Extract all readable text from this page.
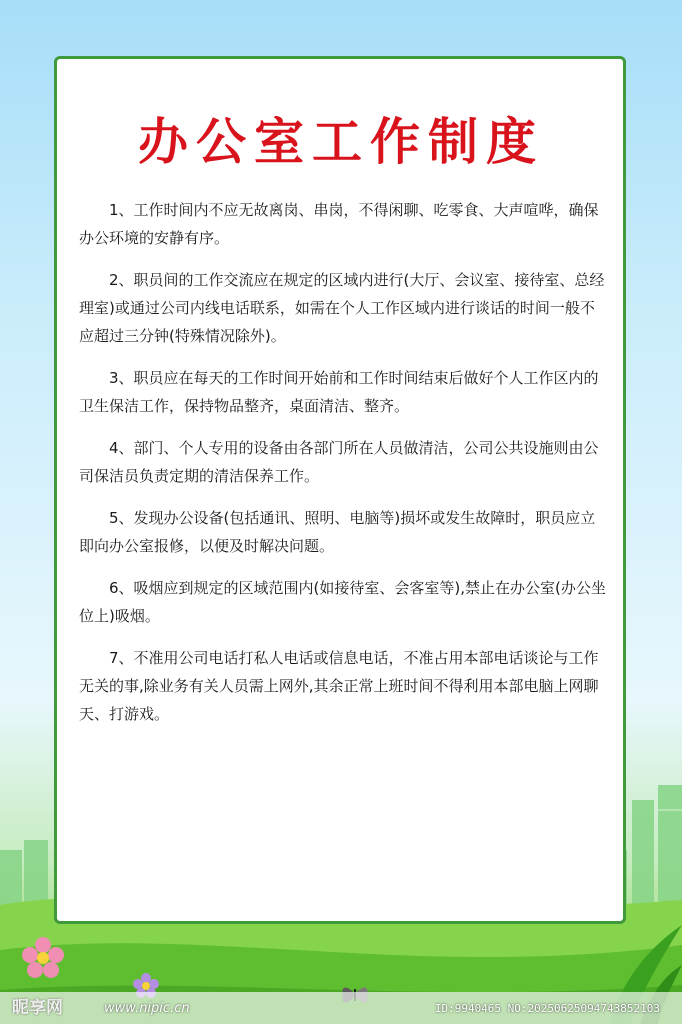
办公室工作制度

1、工作时间内不应无故离岗、串岗，不得闲聊、吃零食、大声喧哗，确保办公环境的安静有序。

2、职员间的工作交流应在规定的区域内进行(大厅、会议室、接待室、总经理室)或通过公司内线电话联系，如需在个人工作区域内进行谈话的时间一般不应超过三分钟(特殊情况除外)。

3、职员应在每天的工作时间开始前和工作时间结束后做好个人工作区内的卫生保洁工作，保持物品整齐，桌面清洁、整齐。

4、部门、个人专用的设备由各部门所在人员做清洁，公司公共设施则由公司保洁员负责定期的清洁保养工作。

5、发现办公设备(包括通讯、照明、电脑等)损坏或发生故障时，职员应立即向办公室报修，以便及时解决问题。

6、吸烟应到规定的区域范围内(如接待室、会客室等),禁止在办公室(办公坐位上)吸烟。

7、不准用公司电话打私人电话或信息电话，不准占用本部电话谈论与工作无关的事,除业务有关人员需上网外,其余正常上班时间不得利用本部电脑上网聊天、打游戏。

昵享网	www.nipic.cn	ID:9940465 NO:20250625094743852103
